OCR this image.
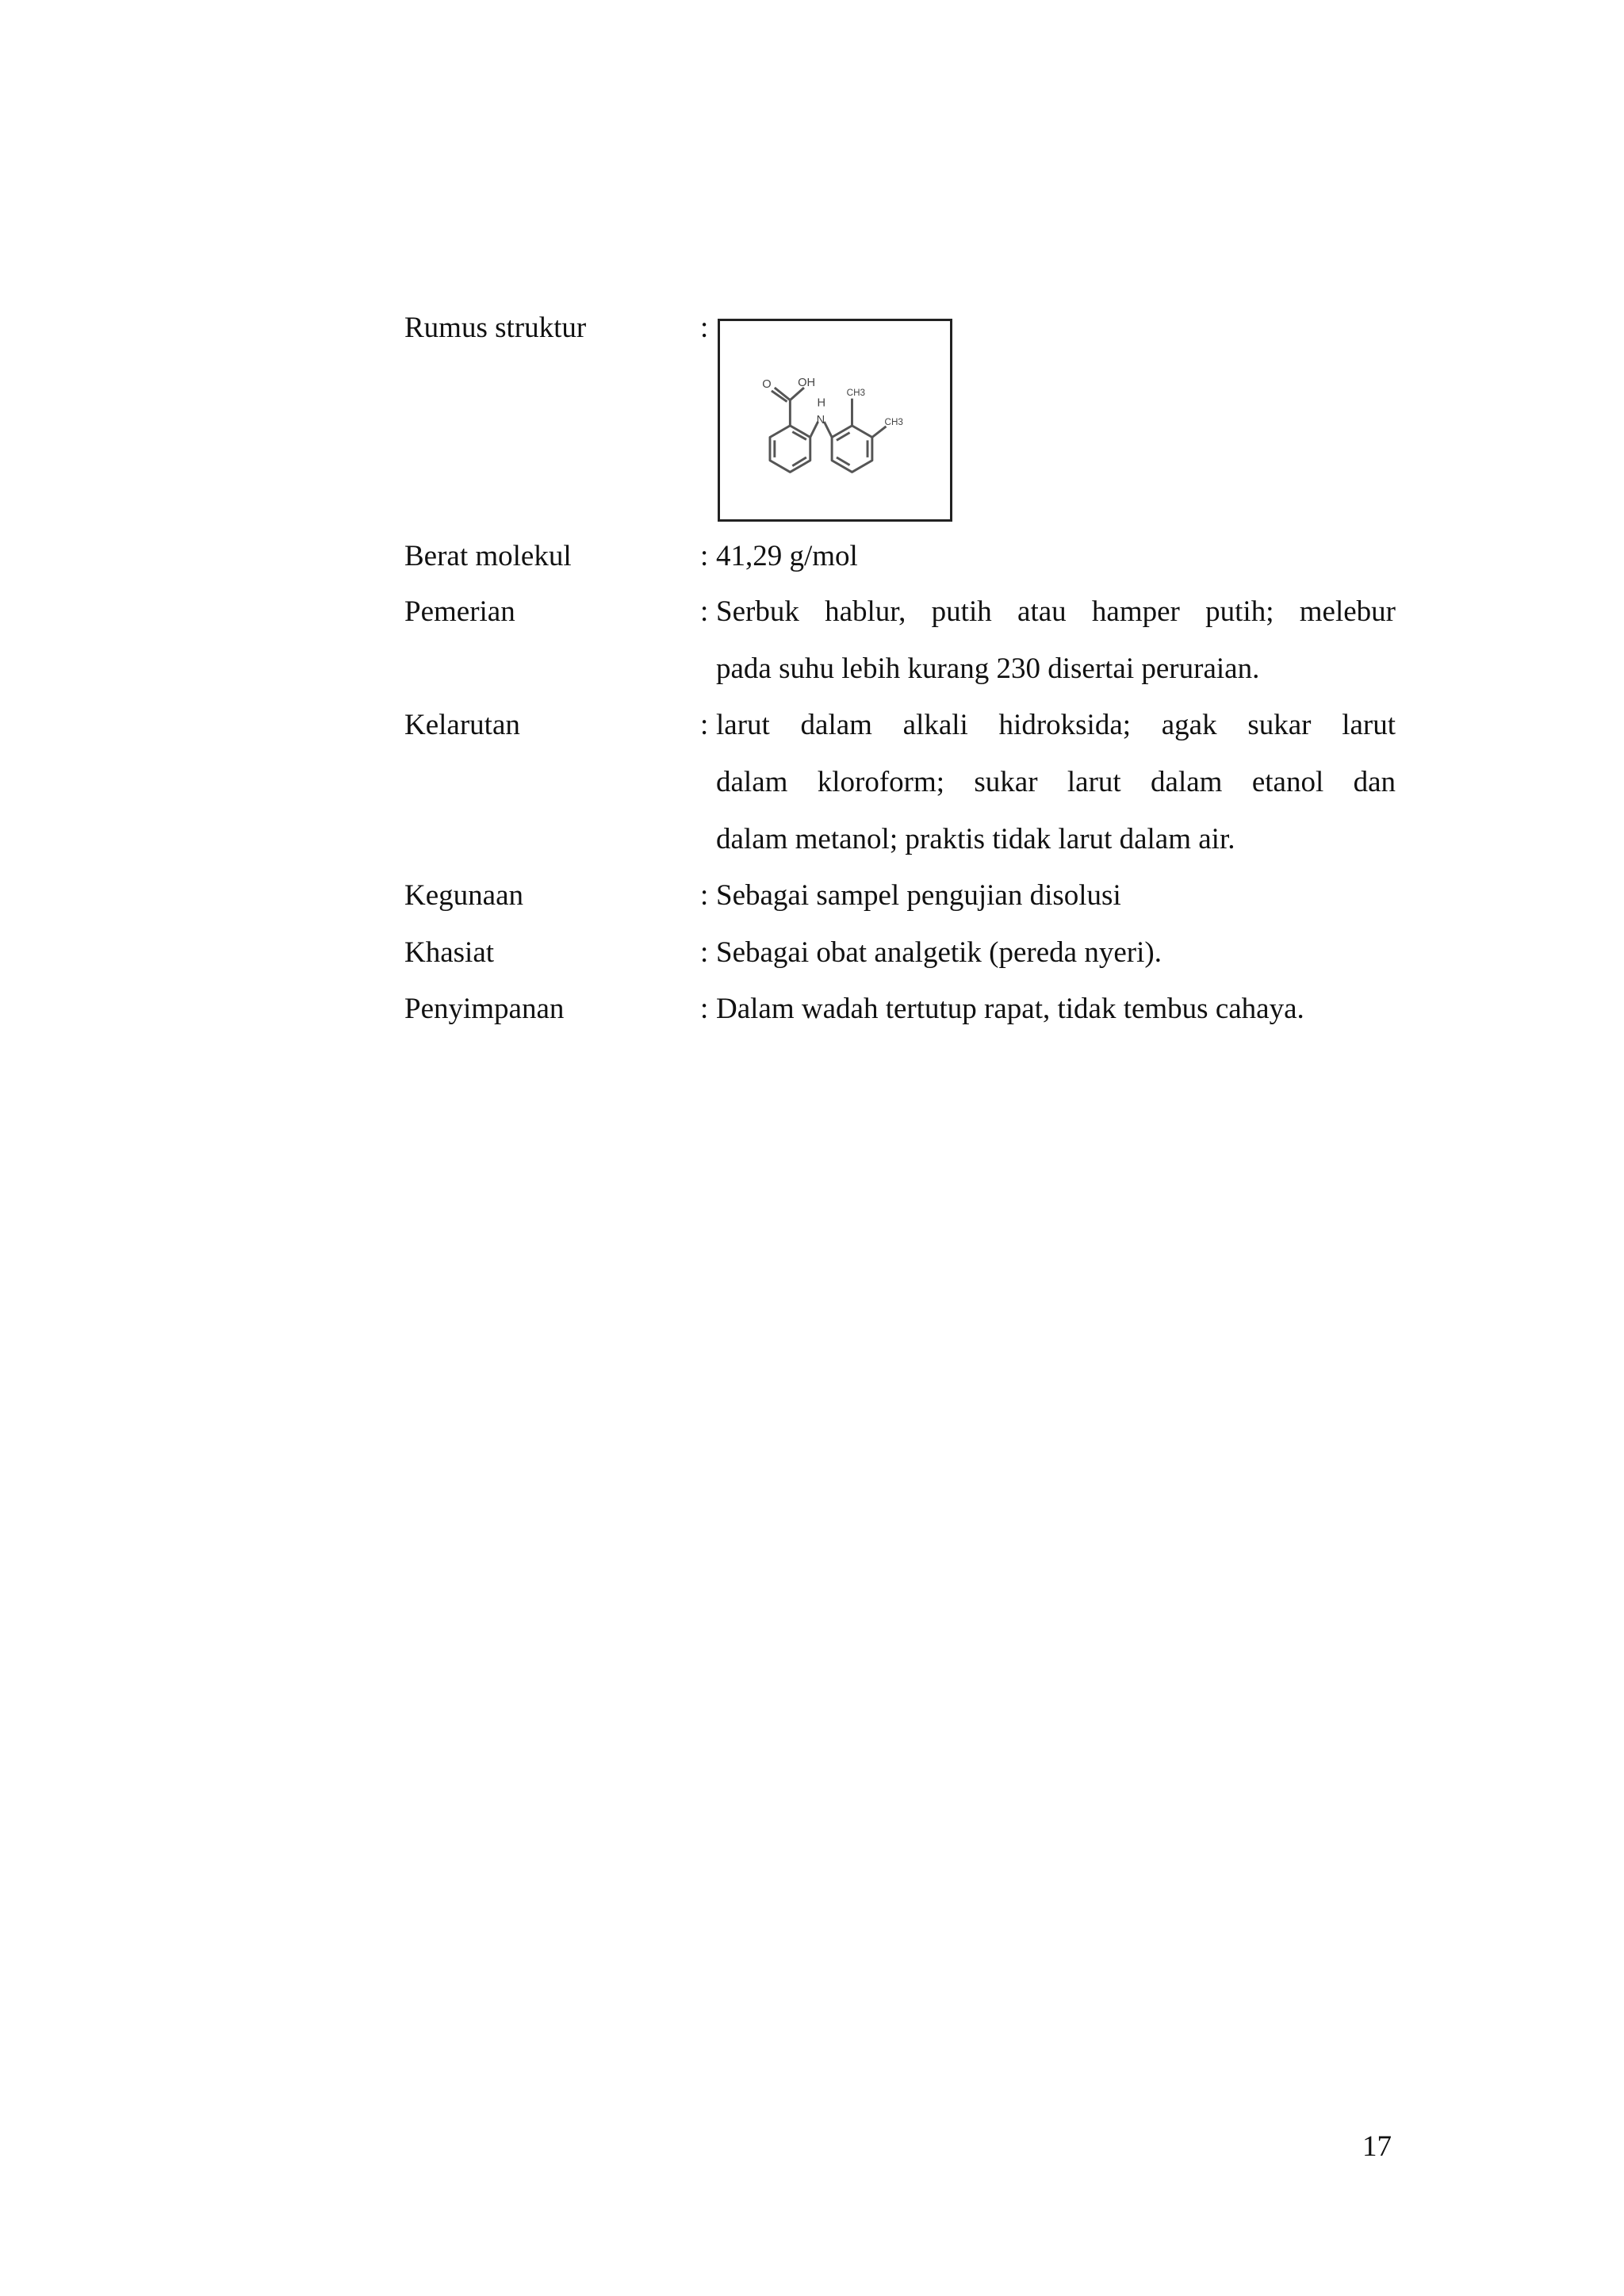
Rumus struktur	:
OH
O
H
N
CH3
CH3
Berat molekul	: 41,29 g/mol
Pemerian	: Serbuk hablur, putih atau hamper putih; melebur
pada suhu lebih kurang 230 disertai peruraian.
Kelarutan	: larut dalam alkali hidroksida; agak sukar larut
dalam kloroform; sukar larut dalam etanol dan
dalam metanol; praktis tidak larut dalam air.
Kegunaan	: Sebagai sampel pengujian disolusi
Khasiat	: Sebagai obat analgetik (pereda nyeri).
Penyimpanan	: Dalam wadah tertutup rapat, tidak tembus cahaya.
17
